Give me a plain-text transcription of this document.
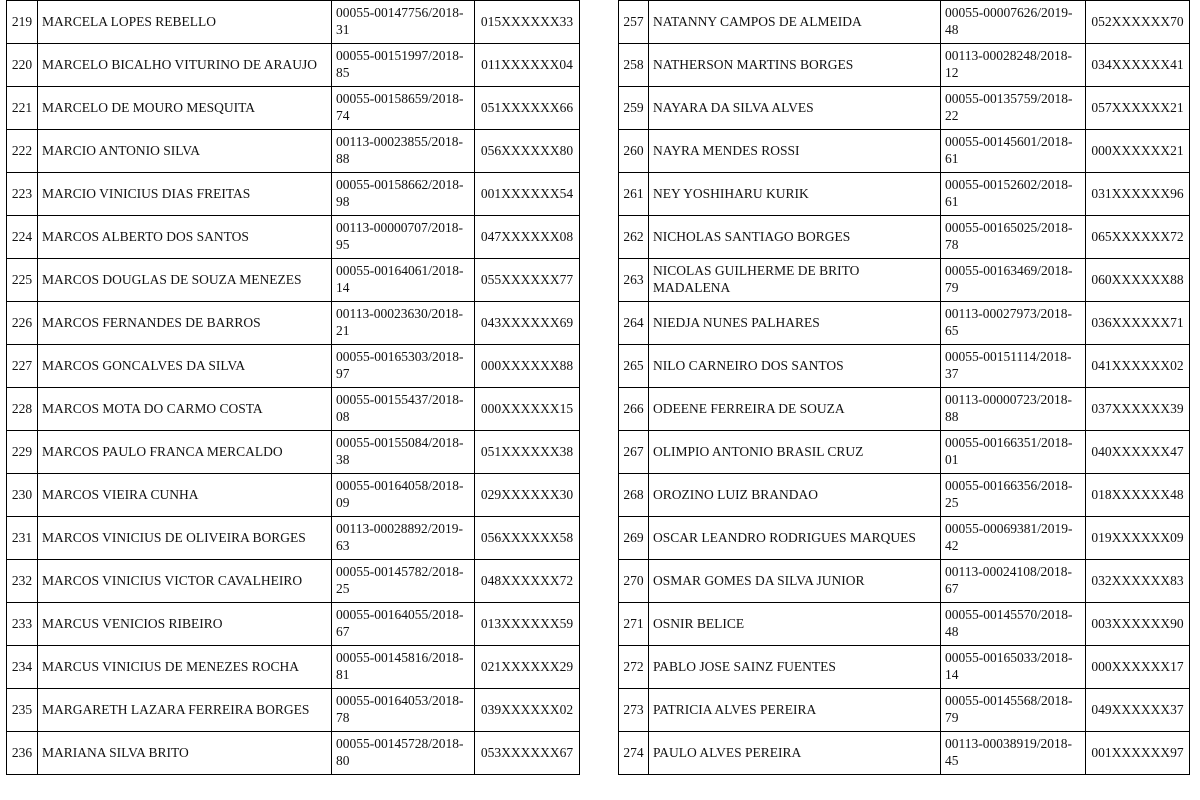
219	MARCELA LOPES REBELLO	00055-00147756/2018-31	015XXXXXX33
220	MARCELO BICALHO VITURINO DE ARAUJO	00055-00151997/2018-85	011XXXXXX04
221	MARCELO DE MOURO MESQUITA	00055-00158659/2018-74	051XXXXXX66
222	MARCIO ANTONIO SILVA	00113-00023855/2018-88	056XXXXXX80
223	MARCIO VINICIUS DIAS FREITAS	00055-00158662/2018-98	001XXXXXX54
224	MARCOS ALBERTO DOS SANTOS	00113-00000707/2018-95	047XXXXXX08
225	MARCOS DOUGLAS DE SOUZA MENEZES	00055-00164061/2018-14	055XXXXXX77
226	MARCOS FERNANDES DE BARROS	00113-00023630/2018-21	043XXXXXX69
227	MARCOS GONCALVES DA SILVA	00055-00165303/2018-97	000XXXXXX88
228	MARCOS MOTA DO CARMO COSTA	00055-00155437/2018-08	000XXXXXX15
229	MARCOS PAULO FRANCA MERCALDO	00055-00155084/2018-38	051XXXXXX38
230	MARCOS VIEIRA CUNHA	00055-00164058/2018-09	029XXXXXX30
231	MARCOS VINICIUS DE OLIVEIRA BORGES	00113-00028892/2019-63	056XXXXXX58
232	MARCOS VINICIUS VICTOR CAVALHEIRO	00055-00145782/2018-25	048XXXXXX72
233	MARCUS VENICIOS RIBEIRO	00055-00164055/2018-67	013XXXXXX59
234	MARCUS VINICIUS DE MENEZES ROCHA	00055-00145816/2018-81	021XXXXXX29
235	MARGARETH LAZARA FERREIRA BORGES	00055-00164053/2018-78	039XXXXXX02
236	MARIANA SILVA BRITO	00055-00145728/2018-80	053XXXXXX67
257	NATANNY CAMPOS DE ALMEIDA	00055-00007626/2019-48	052XXXXXX70
258	NATHERSON MARTINS BORGES	00113-00028248/2018-12	034XXXXXX41
259	NAYARA DA SILVA ALVES	00055-00135759/2018-22	057XXXXXX21
260	NAYRA MENDES ROSSI	00055-00145601/2018-61	000XXXXXX21
261	NEY YOSHIHARU KURIK	00055-00152602/2018-61	031XXXXXX96
262	NICHOLAS SANTIAGO BORGES	00055-00165025/2018-78	065XXXXXX72
263	NICOLAS GUILHERME DE BRITO MADALENA	00055-00163469/2018-79	060XXXXXX88
264	NIEDJA NUNES PALHARES	00113-00027973/2018-65	036XXXXXX71
265	NILO CARNEIRO DOS SANTOS	00055-00151114/2018-37	041XXXXXX02
266	ODEENE FERREIRA DE SOUZA	00113-00000723/2018-88	037XXXXXX39
267	OLIMPIO ANTONIO BRASIL CRUZ	00055-00166351/2018-01	040XXXXXX47
268	OROZINO LUIZ BRANDAO	00055-00166356/2018-25	018XXXXXX48
269	OSCAR LEANDRO RODRIGUES MARQUES	00055-00069381/2019-42	019XXXXXX09
270	OSMAR GOMES DA SILVA JUNIOR	00113-00024108/2018-67	032XXXXXX83
271	OSNIR BELICE	00055-00145570/2018-48	003XXXXXX90
272	PABLO JOSE SAINZ FUENTES	00055-00165033/2018-14	000XXXXXX17
273	PATRICIA ALVES PEREIRA	00055-00145568/2018-79	049XXXXXX37
274	PAULO ALVES PEREIRA	00113-00038919/2018-45	001XXXXXX97
